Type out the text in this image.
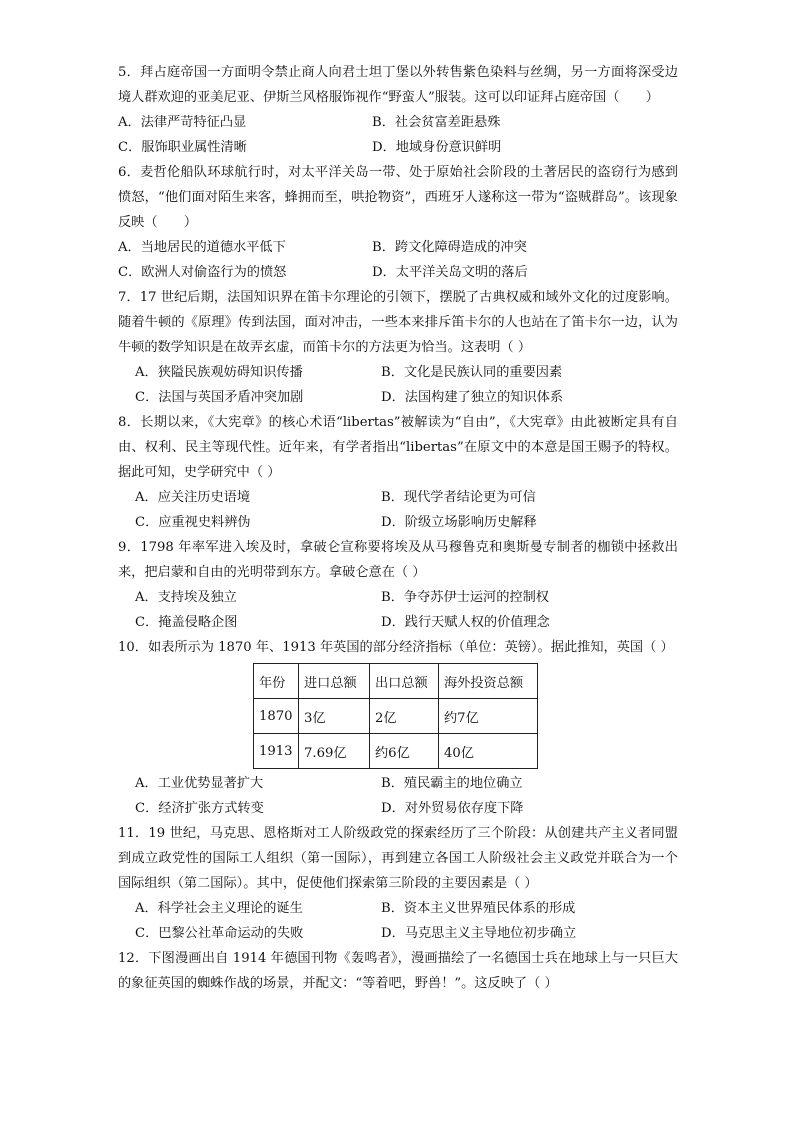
5．拜占庭帝国一方面明令禁止商人向君士坦丁堡以外转售紫色染料与丝绸，另一方面将深受边境人群欢迎的亚美尼亚、伊斯兰风格服饰视作“野蛮人”服装。这可以印证拜占庭帝国（　　）

A．法律严苛特征凸显	B．社会贫富差距悬殊
C．服饰职业属性清晰	D．地域身份意识鲜明

6．麦哲伦船队环球航行时，对太平洋关岛一带、处于原始社会阶段的土著居民的盗窃行为感到愤怒，“他们面对陌生来客，蜂拥而至，哄抢物资”，西班牙人遂称这一带为“盗贼群岛”。该现象反映（　　）

A．当地居民的道德水平低下	B．跨文化障碍造成的冲突
C．欧洲人对偷盗行为的愤怒	D．太平洋关岛文明的落后

7．17 世纪后期，法国知识界在笛卡尔理论的引领下，摆脱了古典权威和域外文化的过度影响。随着牛顿的《原理》传到法国，面对冲击，一些本来排斥笛卡尔的人也站在了笛卡尔一边，认为牛顿的数学知识是在故弄玄虚，而笛卡尔的方法更为恰当。这表明（ ）

A．狭隘民族观妨碍知识传播	B．文化是民族认同的重要因素
C．法国与英国矛盾冲突加剧	D．法国构建了独立的知识体系

8．长期以来，《大宪章》的核心术语“libertas”被解读为“自由”，《大宪章》由此被断定具有自由、权利、民主等现代性。近年来，有学者指出“libertas”在原文中的本意是国王赐予的特权。据此可知，史学研究中（ ）

A．应关注历史语境	B．现代学者结论更为可信
C．应重视史料辨伪	D．阶级立场影响历史解释

9．1798 年率军进入埃及时，拿破仑宣称要将埃及从马穆鲁克和奥斯曼专制者的枷锁中拯救出来，把启蒙和自由的光明带到东方。拿破仑意在（ ）

A．支持埃及独立	B．争夺苏伊士运河的控制权
C．掩盖侵略企图	D．践行天赋人权的价值理念

10．如表所示为 1870 年、1913 年英国的部分经济指标（单位：英镑）。据此推知，英国（ ）

年份	进口总额	出口总额	海外投资总额
1870	3亿	2亿	约7亿
1913	7.69亿	约6亿	40亿
A．工业优势显著扩大	B．殖民霸主的地位确立
C．经济扩张方式转变	D．对外贸易依存度下降

11．19 世纪，马克思、恩格斯对工人阶级政党的探索经历了三个阶段：从创建共产主义者同盟到成立政党性的国际工人组织（第一国际），再到建立各国工人阶级社会主义政党并联合为一个国际组织（第二国际）。其中，促使他们探索第三阶段的主要因素是（ ）

A．科学社会主义理论的诞生	B．资本主义世界殖民体系的形成
C．巴黎公社革命运动的失败	D．马克思主义主导地位初步确立

12．下图漫画出自 1914 年德国刊物《轰鸣者》，漫画描绘了一名德国士兵在地球上与一只巨大的象征英国的蜘蛛作战的场景，并配文：“等着吧，野兽！”。这反映了（ ）
